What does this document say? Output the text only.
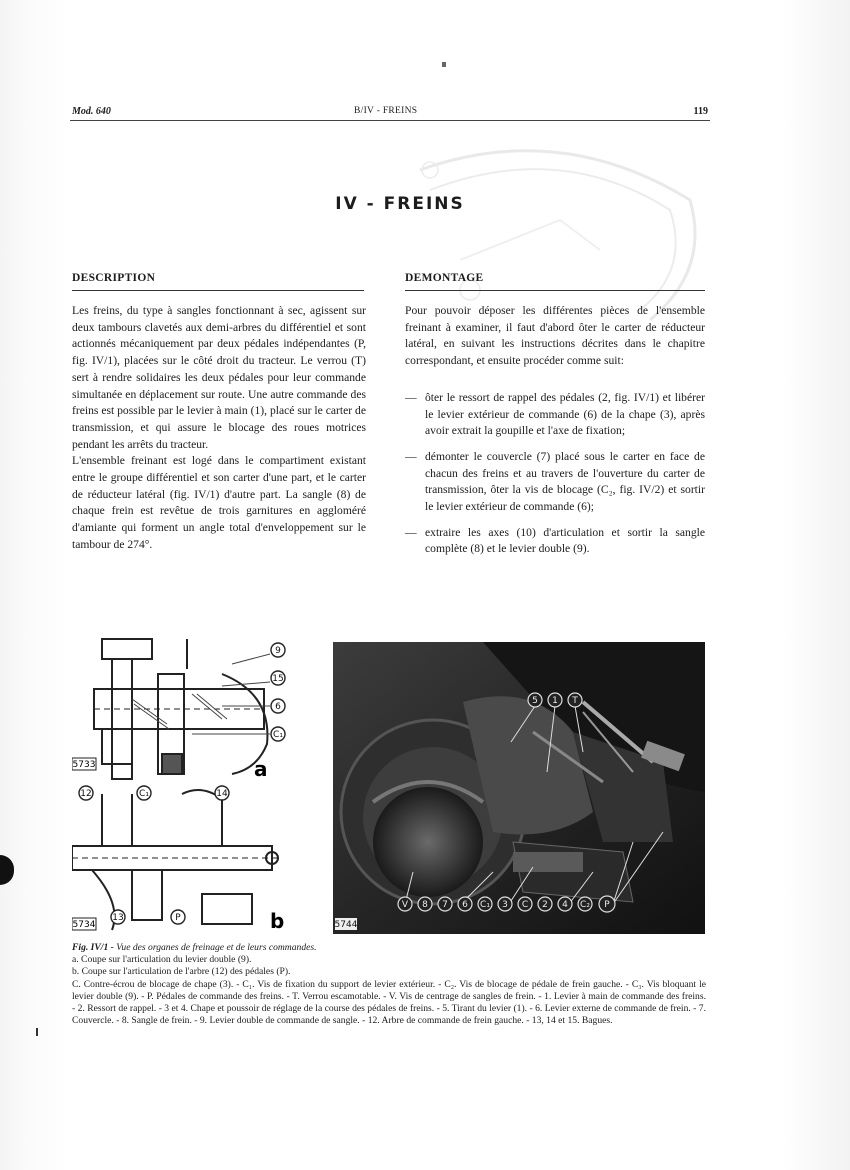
Mod. 640	B/IV - FREINS	119
IV - FREINS
DESCRIPTION

Les freins, du type à sangles fonctionnant à sec, agissent sur deux tambours clavetés aux demi-arbres du différentiel et sont actionnés mécaniquement par deux pédales indépendantes (P, fig. IV/1), placées sur le côté droit du tracteur. Le verrou (T) sert à rendre solidaires les deux pédales pour leur commande simultanée en déplacement sur route. Une autre commande des freins est possible par le levier à main (1), placé sur le carter de transmission, et qui assure le blocage des roues motrices pendant les arrêts du tracteur.

L'ensemble freinant est logé dans le compartiment existant entre le groupe différentiel et son carter d'une part, et le carter de réducteur latéral (fig. IV/1) d'autre part. La sangle (8) de chaque frein est revêtue de trois garnitures en aggloméré d'amiante qui forment un angle total d'enveloppement sur le tambour de 274°.

DEMONTAGE

Pour pouvoir déposer les différentes pièces de l'ensemble freinant à examiner, il faut d'abord ôter le carter de réducteur latéral, en suivant les instructions décrites dans le chapitre correspondant, et ensuite procéder comme suit:

— ôter le ressort de rappel des pédales (2, fig. IV/1) et libérer le levier extérieur de commande (6) de la chape (3), après avoir extrait la goupille et l'axe de fixation;
— démonter le couvercle (7) placé sous le carter en face de chacun des freins et au travers de l'ouverture du carter de transmission, ôter la vis de blocage (C₂, fig. IV/2) et sortir le levier extérieur de commande (6);
— extraire les axes (10) d'articulation et sortir la sangle complète (8) et le levier double (9).
9
15
6
C₁
5733	a
12	C₁	14
13	P
5734	b
5 1 T
V 8 7 6 C₁ 3 C 2 4 C₂ P
5744

Fig. IV/1 - Vue des organes de freinage et de leurs commandes.

a. Coupe sur l'articulation du levier double (9).

b. Coupe sur l'articulation de l'arbre (12) des pédales (P).

C. Contre-écrou de blocage de chape (3). - C₁. Vis de fixation du support de levier extérieur. - C₂. Vis de blocage de pédale de frein gauche. - C₃. Vis bloquant le levier double (9). - P. Pédales de commande des freins. - T. Verrou escamotable. - V. Vis de centrage de sangles de frein. - 1. Levier à main de commande des freins. - 2. Ressort de rappel. - 3 et 4. Chape et poussoir de réglage de la course des pédales de freins. - 5. Tirant du levier (1). - 6. Levier externe de commande de frein. - 7. Couvercle. - 8. Sangle de frein. - 9. Levier double de commande de sangle. - 12. Arbre de commande de frein gauche. - 13, 14 et 15. Bagues.
